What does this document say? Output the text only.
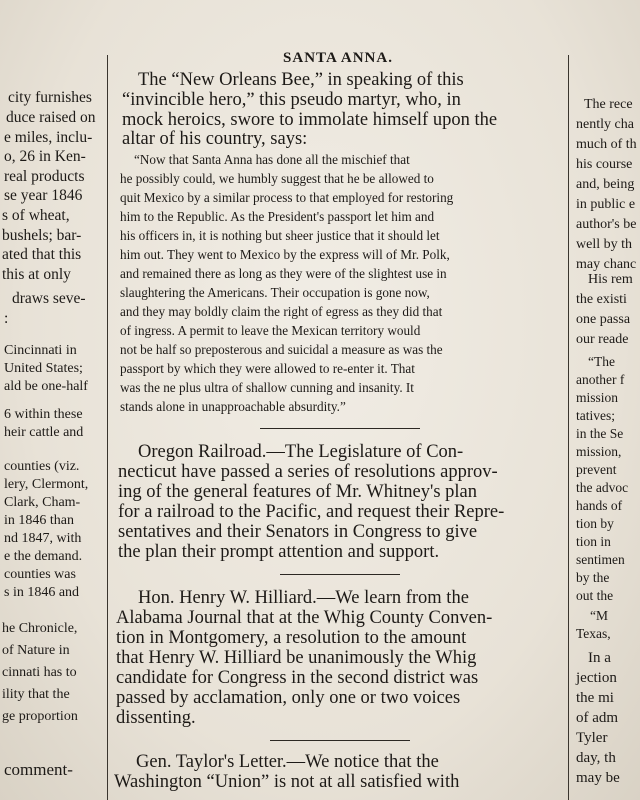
city furnishes
duce raised on
e miles, inclu-
o, 26 in Ken-
real products
se year 1846
s of wheat,
bushels; bar-
ated that this
this at only
draws seve-
:
Cincinnati in
United States;
ald be one-half
6 within these
heir cattle and
counties (viz.
lery, Clermont,
Clark, Cham-
in 1846 than
nd 1847, with
e the demand.
counties was
s in 1846 and
he Chronicle,
of Nature in
cinnati has to
ility that the
ge proportion
comment-
SANTA ANNA.
The “New Orleans Bee,” in speaking of this
“invincible hero,” this pseudo martyr, who, in
mock heroics, swore to immolate himself upon the
altar of his country, says:
“Now that Santa Anna has done all the mischief that
he possibly could, we humbly suggest that he be allowed to
quit Mexico by a similar process to that employed for restoring
him to the Republic. As the President's passport let him and
his officers in, it is nothing but sheer justice that it should let
him out. They went to Mexico by the express will of Mr. Polk,
and remained there as long as they were of the slightest use in
slaughtering the Americans. Their occupation is gone now,
and they may boldly claim the right of egress as they did that
of ingress. A permit to leave the Mexican territory would
not be half so preposterous and suicidal a measure as was the
passport by which they were allowed to re-enter it. That
was the ne plus ultra of shallow cunning and insanity. It
stands alone in unapproachable absurdity.”
Oregon Railroad.—The Legislature of Con-
necticut have passed a series of resolutions approv-
ing of the general features of Mr. Whitney's plan
for a railroad to the Pacific, and request their Repre-
sentatives and their Senators in Congress to give
the plan their prompt attention and support.
Hon. Henry W. Hilliard.—We learn from the
Alabama Journal that at the Whig County Conven-
tion in Montgomery, a resolution to the amount
that Henry W. Hilliard be unanimously the Whig
candidate for Congress in the second district was
passed by acclamation, only one or two voices
dissenting.
Gen. Taylor's Letter.—We notice that the
Washington “Union” is not at all satisfied with
The rece
nently cha
much of th
his course
and, being
in public e
author's be
well by th
may chanc
His rem
the existi
one passa
our reade
“The
another f
mission
tatives;
in the Se
mission,
prevent
the advoc
hands of
tion by
tion in
sentimen
by the
out the
“M
Texas,
In a
jection
the mi
of adm
Tyler
day, th
may be
